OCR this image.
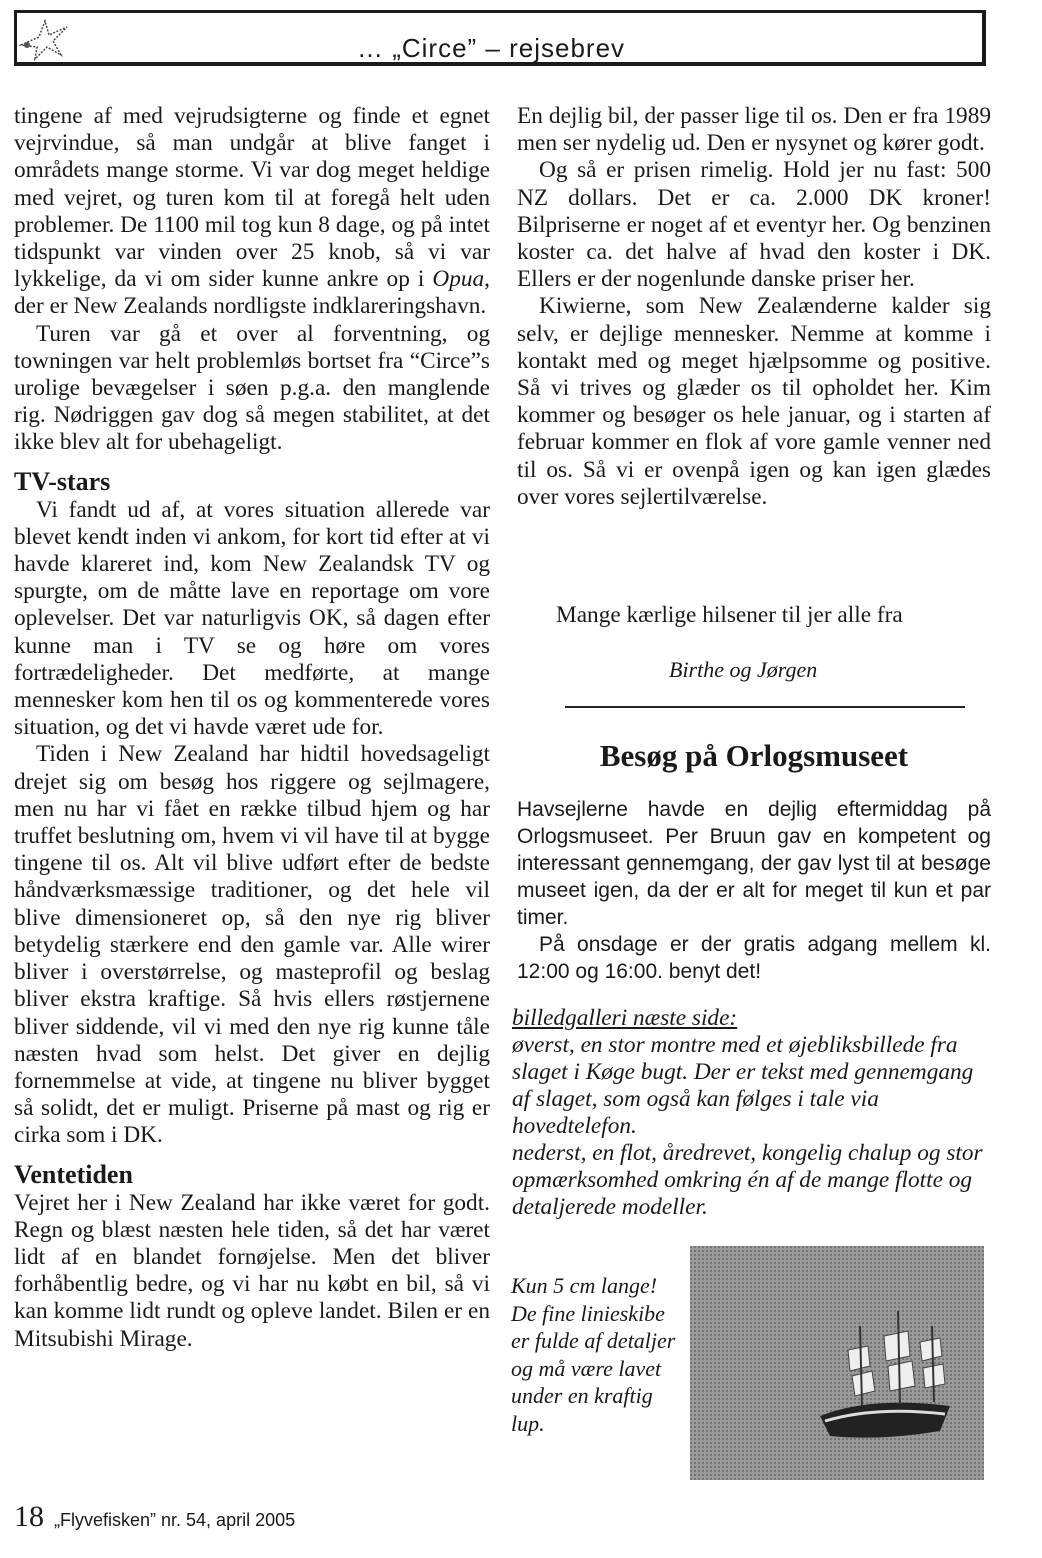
… „Circe” – rejsebrev

tingene af med vejrudsigterne og finde et egnet vejrvindue, så man undgår at blive fanget i områdets mange storme. Vi var dog meget heldige med vejret, og turen kom til at foregå helt uden problemer. De 1100 mil tog kun 8 dage, og på intet tidspunkt var vinden over 25 knob, så vi var lykkelige, da vi om sider kunne ankre op i Opua, der er New Zealands nordligste indklareringshavn.

Turen var gå et over al forventning, og towningen var helt problemløs bortset fra “Circe”s urolige bevægelser i søen p.g.a. den manglende rig. Nødriggen gav dog så megen stabilitet, at det ikke blev alt for ubehageligt.

TV-stars

Vi fandt ud af, at vores situation allerede var blevet kendt inden vi ankom, for kort tid efter at vi havde klareret ind, kom New Zealandsk TV og spurgte, om de måtte lave en reportage om vore oplevelser. Det var naturligvis OK, så dagen efter kunne man i TV se og høre om vores fortrædeligheder. Det medførte, at mange mennesker kom hen til os og kommenterede vores situation, og det vi havde været ude for.

Tiden i New Zealand har hidtil hovedsageligt drejet sig om besøg hos riggere og sejlmagere, men nu har vi fået en række tilbud hjem og har truffet beslutning om, hvem vi vil have til at bygge tingene til os. Alt vil blive udført efter de bedste håndværksmæssige traditioner, og det hele vil blive dimensioneret op, så den nye rig bliver betydelig stærkere end den gamle var. Alle wirer bliver i overstørrelse, og masteprofil og beslag bliver ekstra kraftige. Så hvis ellers røstjernene bliver siddende, vil vi med den nye rig kunne tåle næsten hvad som helst. Det giver en dejlig fornemmelse at vide, at tingene nu bliver bygget så solidt, det er muligt. Priserne på mast og rig er cirka som i DK.

Ventetiden

Vejret her i New Zealand har ikke været for godt. Regn og blæst næsten hele tiden, så det har været lidt af en blandet fornøjelse. Men det bliver forhåbentlig bedre, og vi har nu købt en bil, så vi kan komme lidt rundt og opleve landet. Bilen er en Mitsubishi Mirage.

En dejlig bil, der passer lige til os. Den er fra 1989 men ser nydelig ud. Den er nysynet og kører godt.

Og så er prisen rimelig. Hold jer nu fast: 500 NZ dollars. Det er ca. 2.000 DK kroner! Bilpriserne er noget af et eventyr her. Og benzinen koster ca. det halve af hvad den koster i DK. Ellers er der nogenlunde danske priser her.

Kiwierne, som New Zealænderne kalder sig selv, er dejlige mennesker. Nemme at komme i kontakt med og meget hjælpsomme og positive. Så vi trives og glæder os til opholdet her. Kim kommer og besøger os hele januar, og i starten af februar kommer en flok af vore gamle venner ned til os. Så vi er ovenpå igen og kan igen glædes over vores sejlertilværelse.

Mange kærlige hilsener til jer alle fra
Birthe og Jørgen
Besøg på Orlogsmuseet

Havsejlerne havde en dejlig eftermiddag på Orlogsmuseet. Per Bruun gav en kompetent og interessant gennemgang, der gav lyst til at besøge museet igen, da der er alt for meget til kun et par timer.

På onsdage er der gratis adgang mellem kl. 12:00 og 16:00. benyt det!

billedgalleri næste side:
øverst, en stor montre med et øjebliksbillede fra slaget i Køge bugt. Der er tekst med gennemgang af slaget, som også kan følges i tale via hovedtelefon.
nederst, en flot, åredrevet, kongelig chalup og stor opmærksomhed omkring én af de mange flotte og detaljerede modeller.
Kun 5 cm lange! De fine linieskibe er fulde af detaljer og må være lavet under en kraftig lup.
18 „Flyvefisken” nr. 54, april 2005
